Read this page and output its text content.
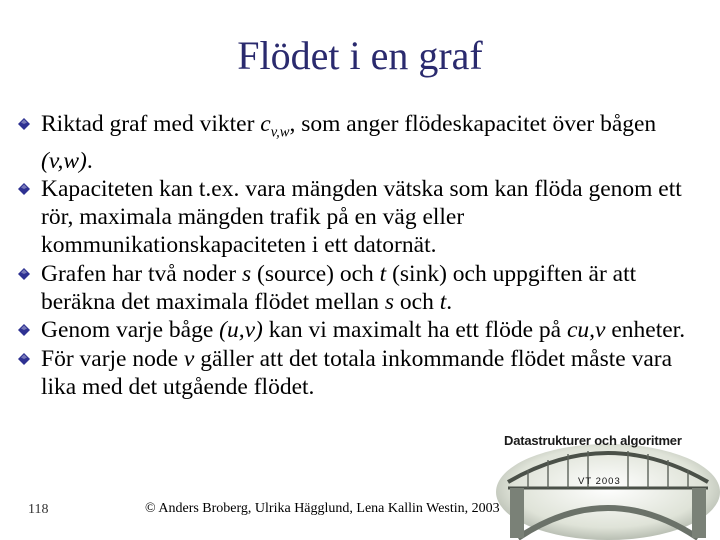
Flödet i en graf
Riktad graf med vikter $c_{v,w}$, som anger flödeskapacitet över bågen (v,w).
Kapaciteten kan t.ex. vara mängden vätska som kan flöda genom ett rör, maximala mängden trafik på en väg eller kommunikationskapaciteten i ett datornät.
Grafen har två noder s (source) och t (sink) och uppgiften är att beräkna det maximala flödet mellan s och t.
Genom varje båge (u,v) kan vi maximalt ha ett flöde på cu,v enheter.
För varje node v gäller att det totala inkommande flödet måste vara lika med det utgående flödet.
118	© Anders Broberg, Ulrika Hägglund, Lena Kallin Westin, 2003
Datastrukturer och algoritmer
VT 2003
